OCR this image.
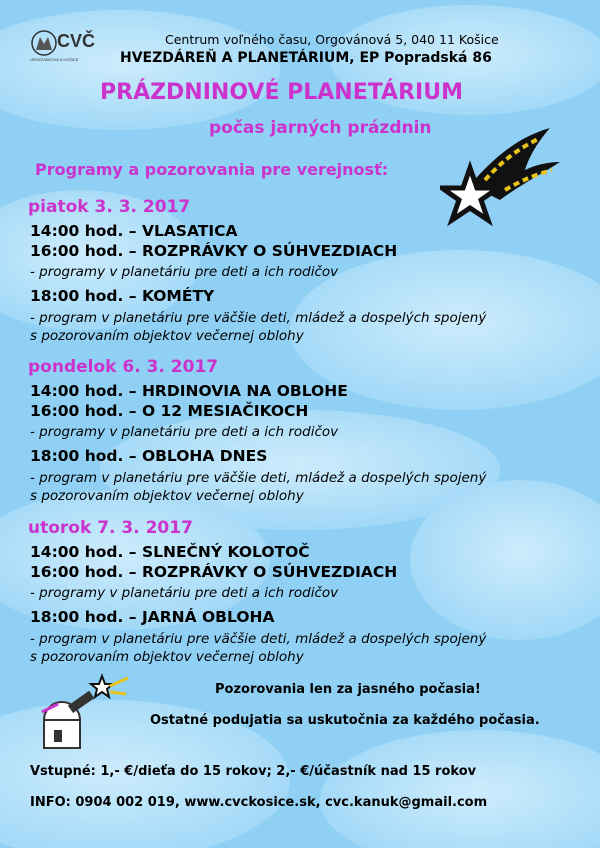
CVČ
ORGOVÁNOVÁ 5 KOŠICE

Centrum voľného času, Orgovánová 5, 040 11 Košice

HVEZDÁREŇ A PLANETÁRIUM, EP Popradská 86

PRÁZDNINOVÉ PLANETÁRIUM

počas jarných prázdnin

Programy a pozorovania pre verejnosť:

piatok 3. 3. 2017

14:00 hod. – VLASATICA

16:00 hod. – ROZPRÁVKY O SÚHVEZDIACH

- programy v planetáriu pre deti a ich rodičov

18:00 hod. – KOMÉTY

- program v planetáriu pre väčšie deti, mládež a dospelých spojený

s pozorovaním objektov večernej oblohy

pondelok 6. 3. 2017

14:00 hod. – HRDINOVIA NA OBLOHE

16:00 hod. – O 12 MESIAČIKOCH

- programy v planetáriu pre deti a ich rodičov

18:00 hod. – OBLOHA DNES

- program v planetáriu pre väčšie deti, mládež a dospelých spojený

s pozorovaním objektov večernej oblohy

utorok 7. 3. 2017

14:00 hod. – SLNEČNÝ KOLOTOČ

16:00 hod. – ROZPRÁVKY O SÚHVEZDIACH

- programy v planetáriu pre deti a ich rodičov

18:00 hod. – JARNÁ OBLOHA

- program v planetáriu pre väčšie deti, mládež a dospelých spojený

s pozorovaním objektov večernej oblohy

Pozorovania len za jasného počasia!

Ostatné podujatia sa uskutočnia za každého počasia.

Vstupné: 1,- €/dieťa do 15 rokov; 2,- €/účastník nad 15 rokov

INFO: 0904 002 019, www.cvckosice.sk, cvc.kanuk@gmail.com
